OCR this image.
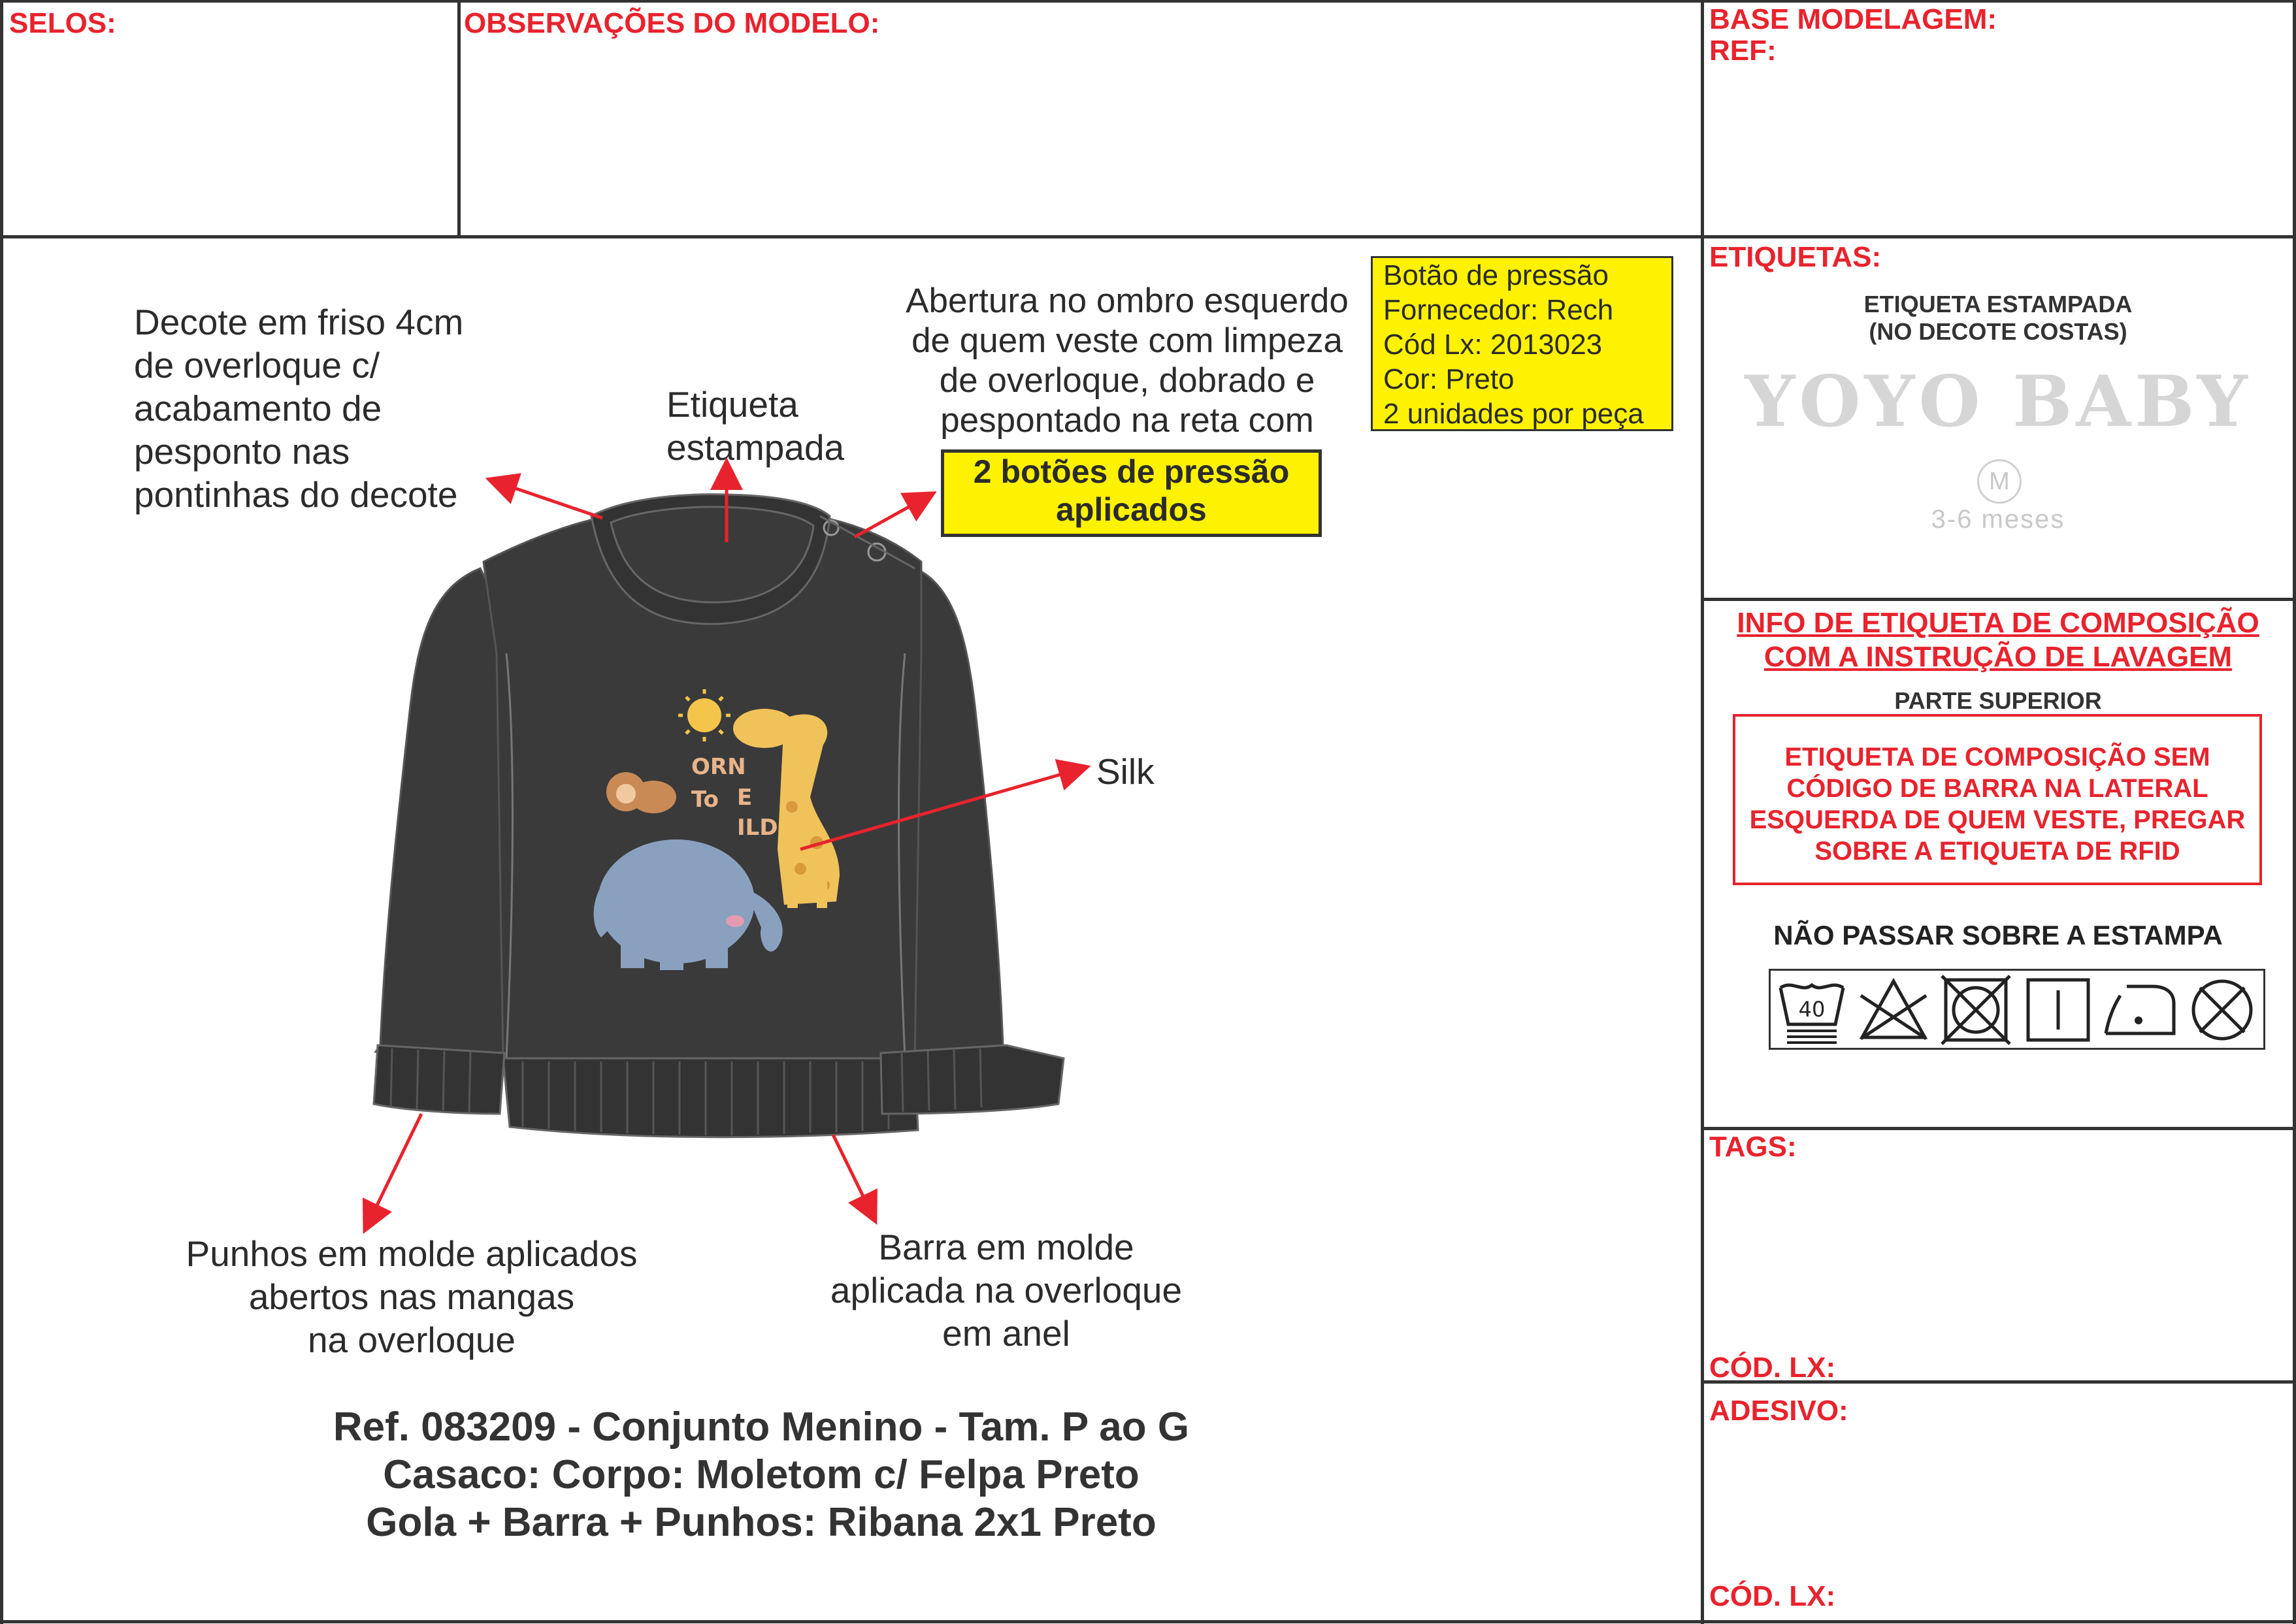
SELOS:	OBSERVAÇÕES DO MODELO:	BASE MODELAGEM:
REF:
Decote em friso 4cm
de overloque c/
acabamento de
pesponto nas
pontinhas do decote
Etiqueta
estampada
Abertura no ombro esquerdo
de quem veste com limpeza
de overloque, dobrado e
pespontado na reta com
2 botões de pressão
aplicados
Botão de pressão
Fornecedor: Rech
Cód Lx: 2013023
Cor: Preto
2 unidades por peça
Silk
Punhos em molde aplicados
abertos nas mangas
na overloque
Barra em molde
aplicada na overloque
em anel
Ref. 083209 - Conjunto Menino - Tam. P ao G
Casaco: Corpo: Moletom c/ Felpa Preto
Gola + Barra + Punhos: Ribana 2x1 Preto
ORN
To E
ILD
ETIQUETAS:
ETIQUETA ESTAMPADA
(NO DECOTE COSTAS)
YOYO BABY
M
3-6 meses
INFO DE ETIQUETA DE COMPOSIÇÃO
COM A INSTRUÇÃO DE LAVAGEM
PARTE SUPERIOR
ETIQUETA DE COMPOSIÇÃO SEM
CÓDIGO DE BARRA NA LATERAL
ESQUERDA DE QUEM VESTE, PREGAR
SOBRE A ETIQUETA DE RFID
NÃO PASSAR SOBRE A ESTAMPA
40
TAGS:
CÓD. LX:
ADESIVO:
CÓD. LX:
